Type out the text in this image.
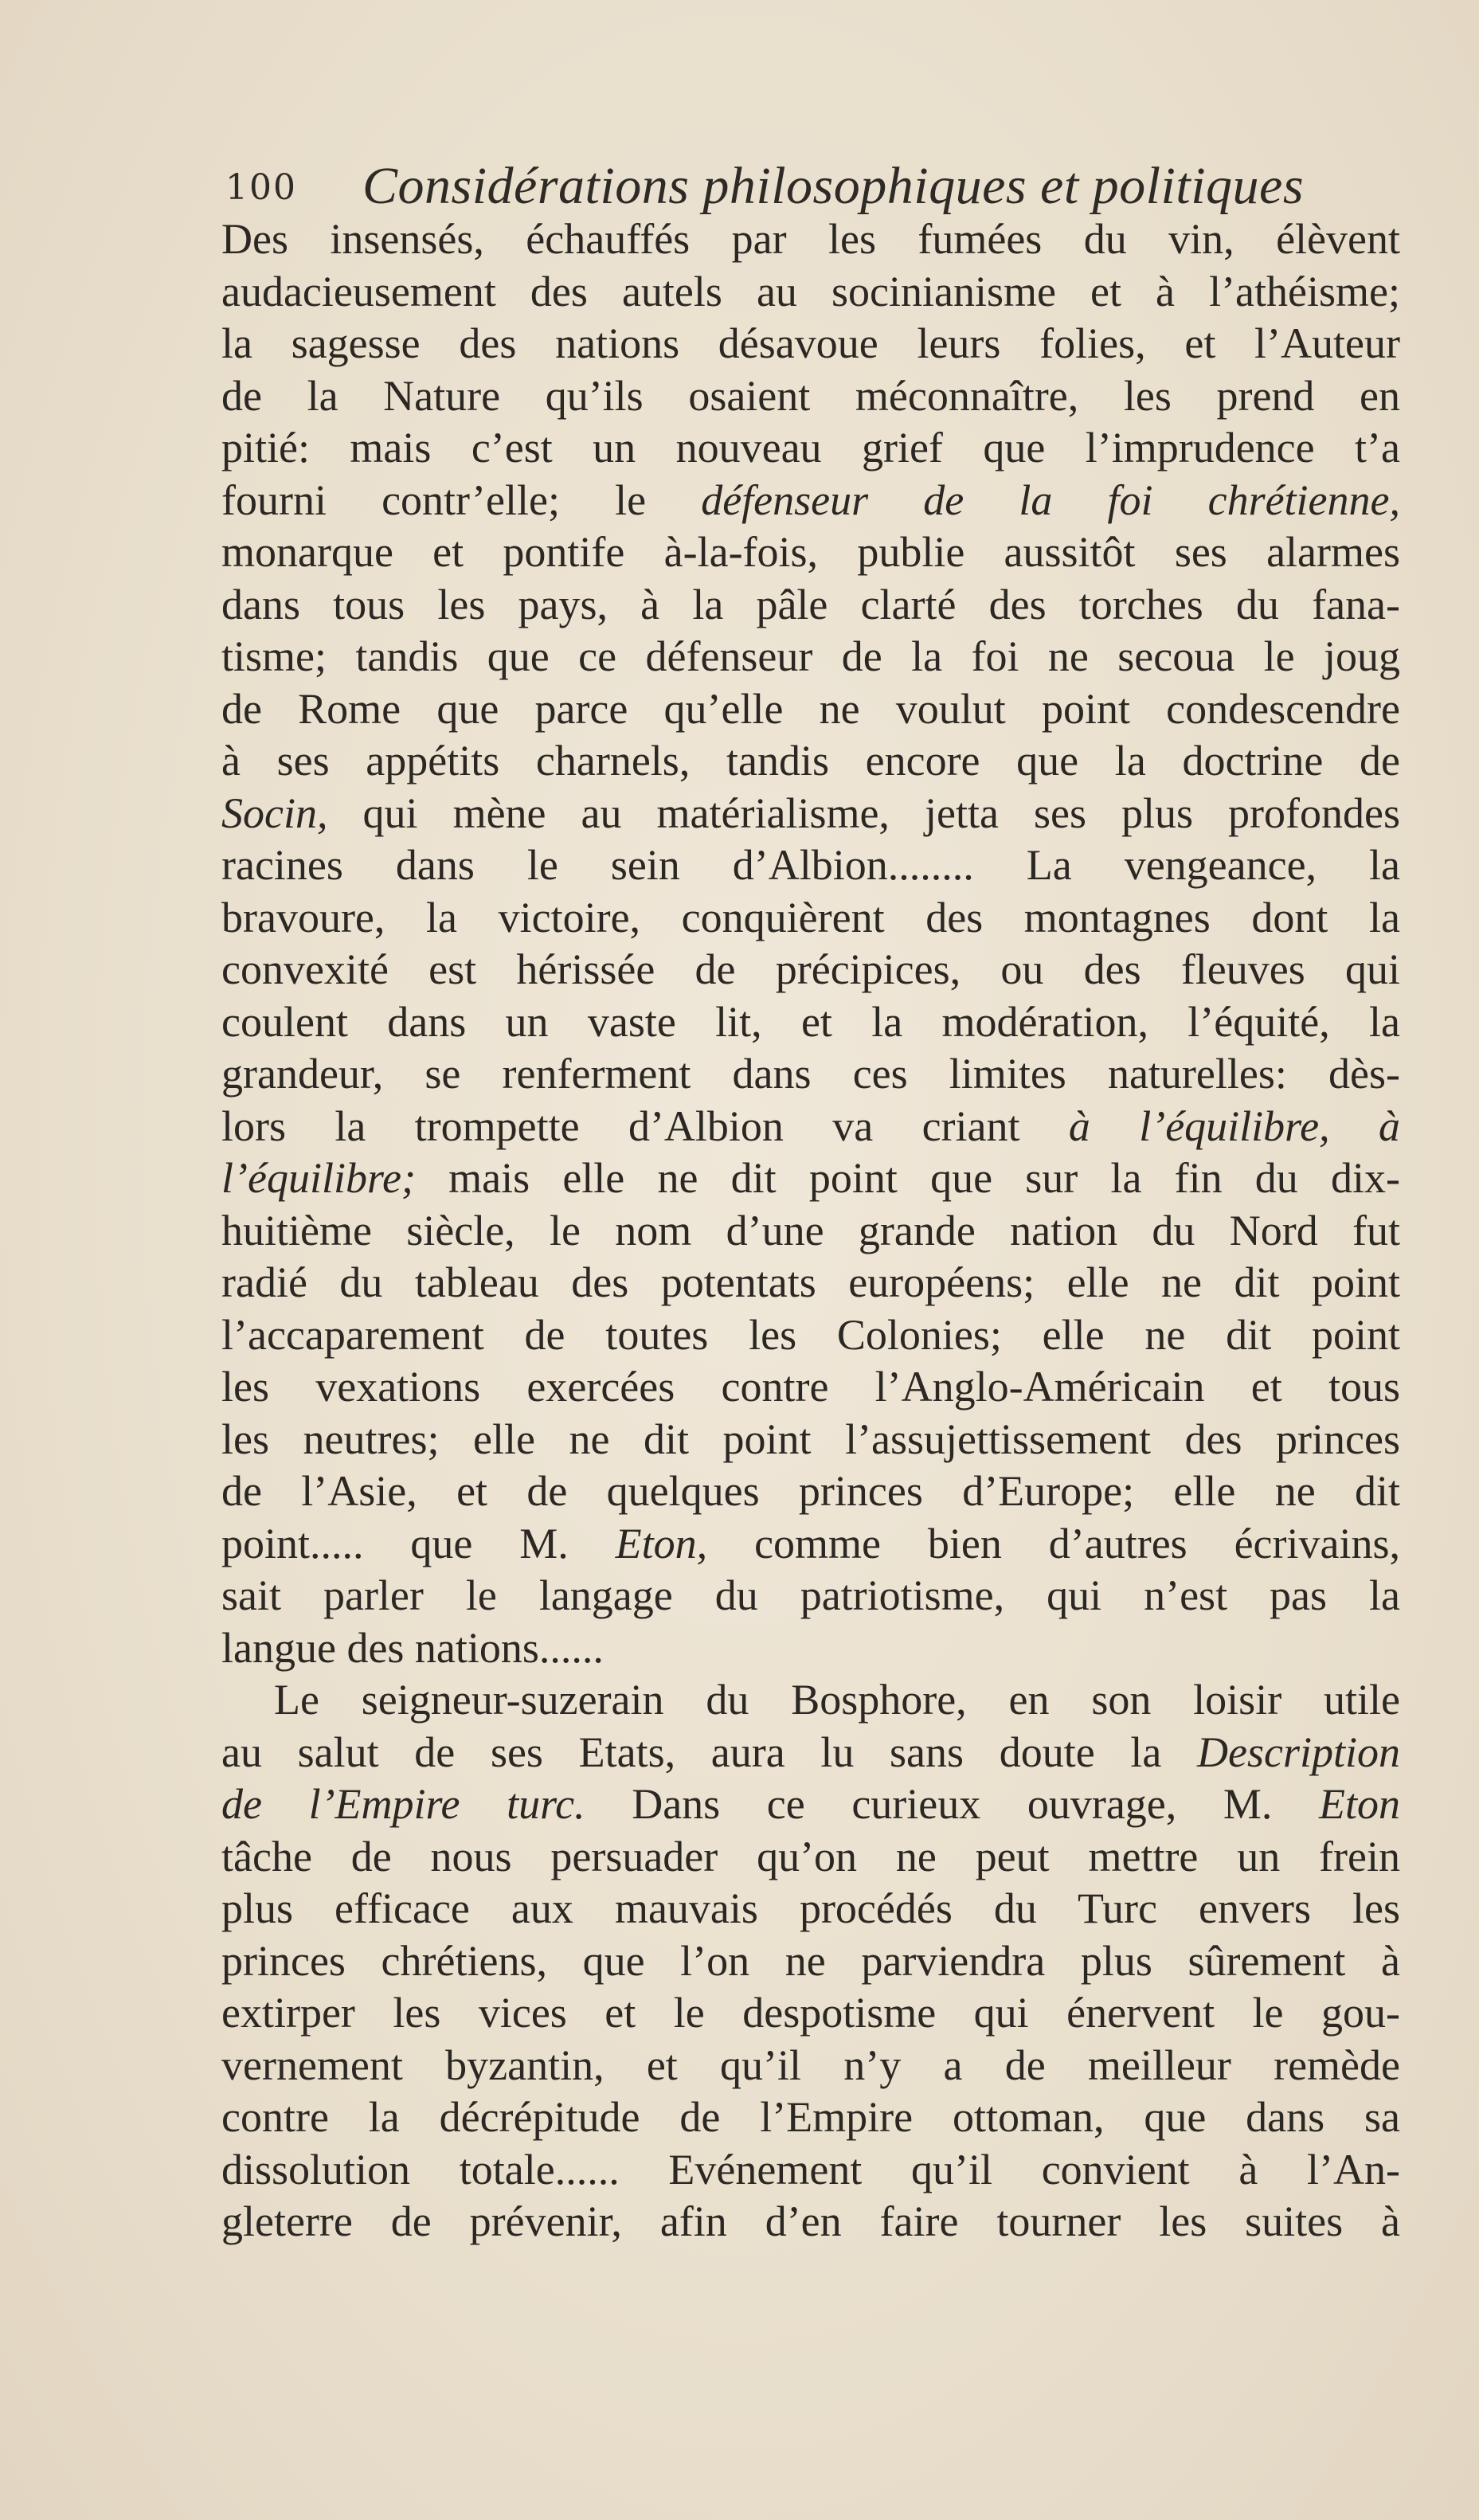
100 Considérations philosophiques et politiques
Des insensés, échauffés par les fumées du vin, élèvent
audacieusement des autels au socinianisme et à l’athéisme;
la sagesse des nations désavoue leurs folies, et l’Auteur
de la Nature qu’ils osaient méconnaître, les prend en
pitié: mais c’est un nouveau grief que l’imprudence t’a
fourni contr’elle; le défenseur de la foi chrétienne,
monarque et pontife à-la-fois, publie aussitôt ses alarmes
dans tous les pays, à la pâle clarté des torches du fana-
tisme; tandis que ce défenseur de la foi ne secoua le joug
de Rome que parce qu’elle ne voulut point condescendre
à ses appétits charnels, tandis encore que la doctrine de
Socin, qui mène au matérialisme, jetta ses plus profondes
racines dans le sein d’Albion........ La vengeance, la
bravoure, la victoire, conquièrent des montagnes dont la
convexité est hérissée de précipices, ou des fleuves qui
coulent dans un vaste lit, et la modération, l’équité, la
grandeur, se renferment dans ces limites naturelles: dès-
lors la trompette d’Albion va criant à l’équilibre, à
l’équilibre; mais elle ne dit point que sur la fin du dix-
huitième siècle, le nom d’une grande nation du Nord fut
radié du tableau des potentats européens; elle ne dit point
l’accaparement de toutes les Colonies; elle ne dit point
les vexations exercées contre l’Anglo-Américain et tous
les neutres; elle ne dit point l’assujettissement des princes
de l’Asie, et de quelques princes d’Europe; elle ne dit
point..... que M. Eton, comme bien d’autres écrivains,
sait parler le langage du patriotisme, qui n’est pas la
langue des nations......
Le seigneur-suzerain du Bosphore, en son loisir utile
au salut de ses Etats, aura lu sans doute la Description
de l’Empire turc. Dans ce curieux ouvrage, M. Eton
tâche de nous persuader qu’on ne peut mettre un frein
plus efficace aux mauvais procédés du Turc envers les
princes chrétiens, que l’on ne parviendra plus sûrement à
extirper les vices et le despotisme qui énervent le gou-
vernement byzantin, et qu’il n’y a de meilleur remède
contre la décrépitude de l’Empire ottoman, que dans sa
dissolution totale...... Evénement qu’il convient à l’An-
gleterre de prévenir, afin d’en faire tourner les suites à
